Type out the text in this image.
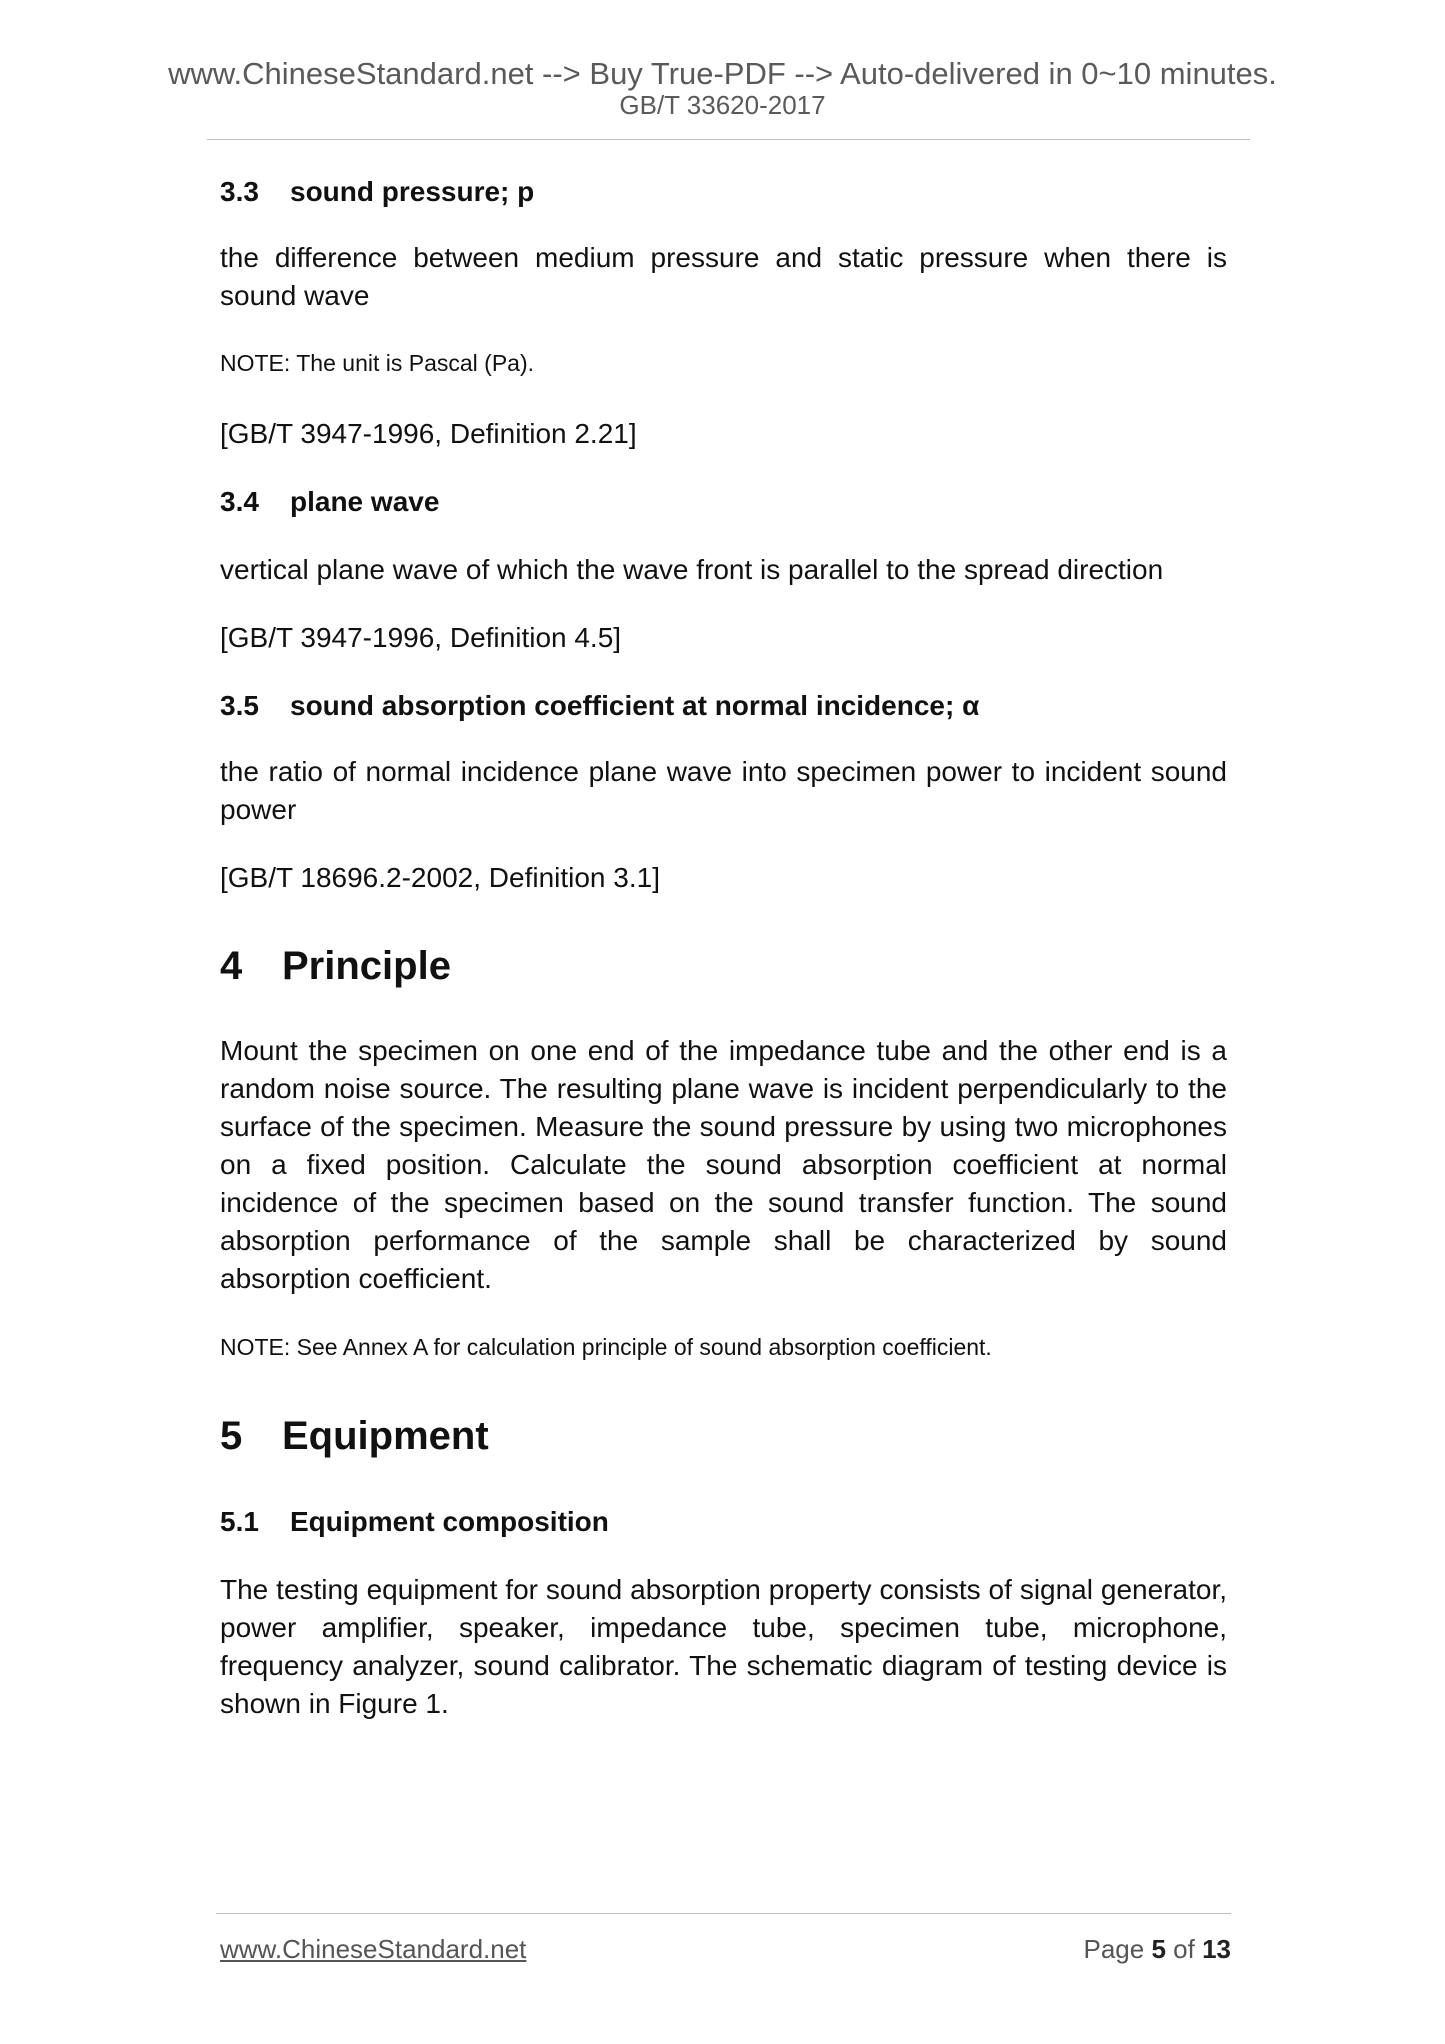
www.ChineseStandard.net --> Buy True-PDF --> Auto-delivered in 0~10 minutes.
GB/T 33620-2017
3.3 sound pressure; p
the difference between medium pressure and static pressure when there is sound wave
NOTE: The unit is Pascal (Pa).
[GB/T 3947-1996, Definition 2.21]
3.4 plane wave
vertical plane wave of which the wave front is parallel to the spread direction
[GB/T 3947-1996, Definition 4.5]
3.5 sound absorption coefficient at normal incidence; α
the ratio of normal incidence plane wave into specimen power to incident sound power
[GB/T 18696.2-2002, Definition 3.1]
4 Principle
Mount the specimen on one end of the impedance tube and the other end is a random noise source. The resulting plane wave is incident perpendicularly to the surface of the specimen. Measure the sound pressure by using two microphones on a fixed position. Calculate the sound absorption coefficient at normal incidence of the specimen based on the sound transfer function. The sound absorption performance of the sample shall be characterized by sound absorption coefficient.
NOTE: See Annex A for calculation principle of sound absorption coefficient.
5 Equipment
5.1 Equipment composition
The testing equipment for sound absorption property consists of signal generator, power amplifier, speaker, impedance tube, specimen tube, microphone, frequency analyzer, sound calibrator. The schematic diagram of testing device is shown in Figure 1.
www.ChineseStandard.net	Page 5 of 13
